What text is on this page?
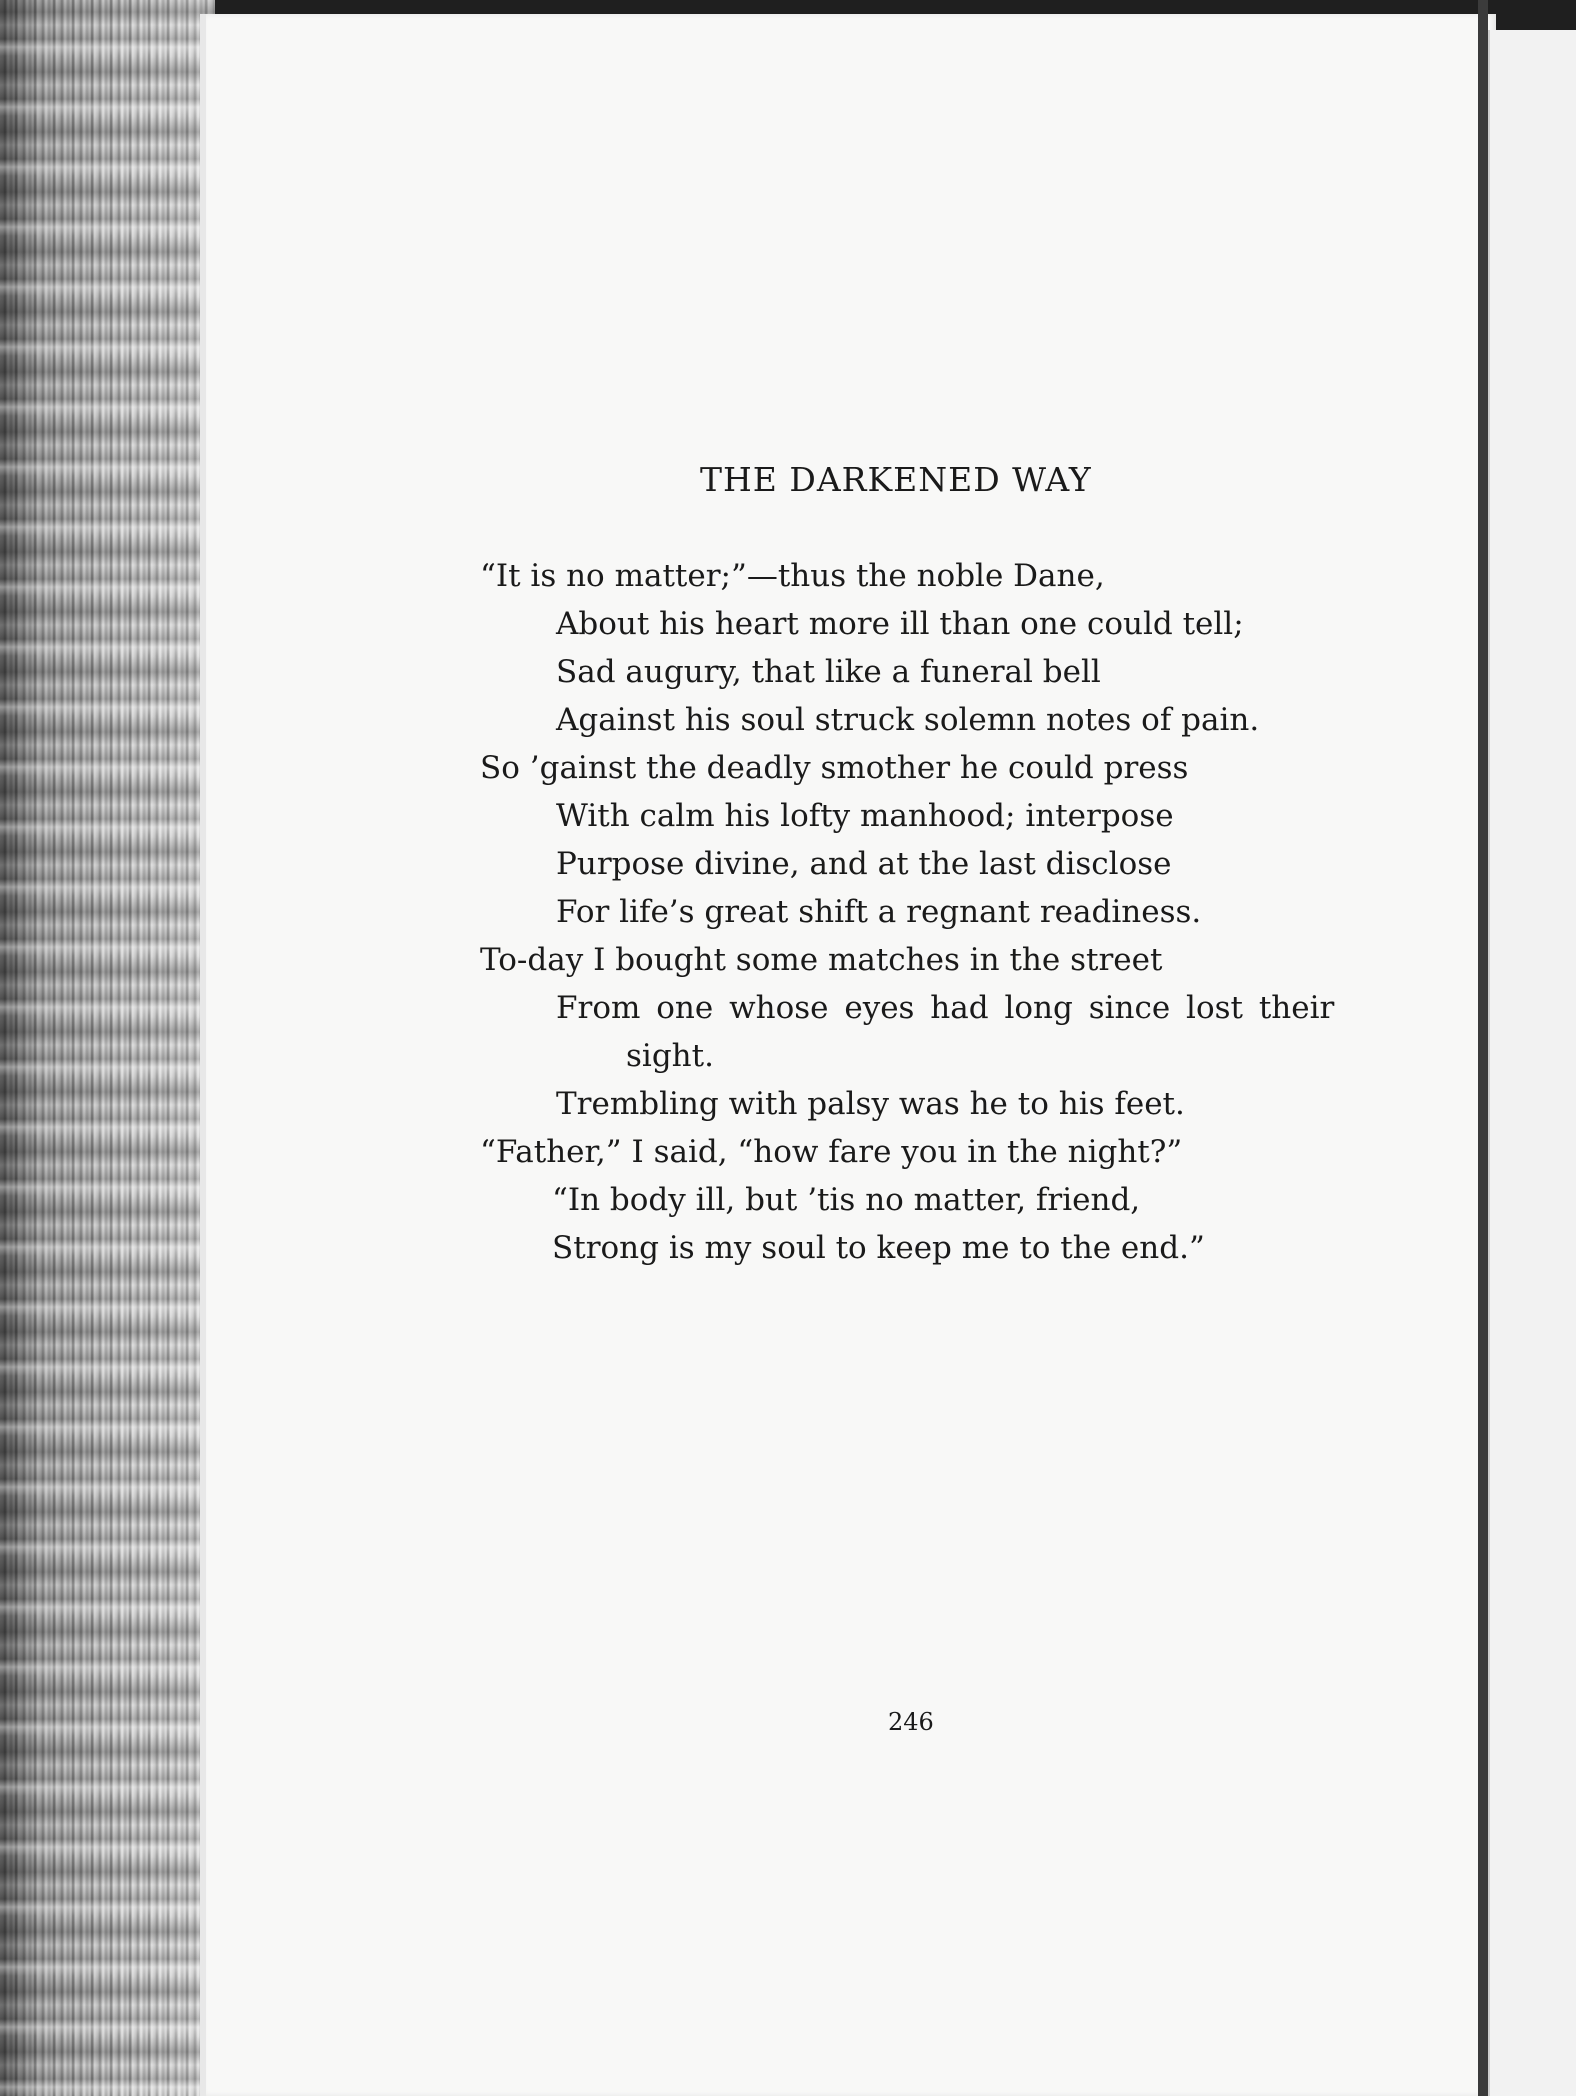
THE DARKENED WAY
“It is no matter;”—thus the noble Dane,
About his heart more ill than one could tell;
Sad augury, that like a funeral bell
Against his soul struck solemn notes of pain.
So ’gainst the deadly smother he could press
With calm his lofty manhood; interpose
Purpose divine, and at the last disclose
For life’s great shift a regnant readiness.
To-day I bought some matches in the street
From one whose eyes had long since lost their
sight.
Trembling with palsy was he to his feet.
“Father,” I said, “how fare you in the night?”
“In body ill, but ’tis no matter, friend,
Strong is my soul to keep me to the end.”
246
